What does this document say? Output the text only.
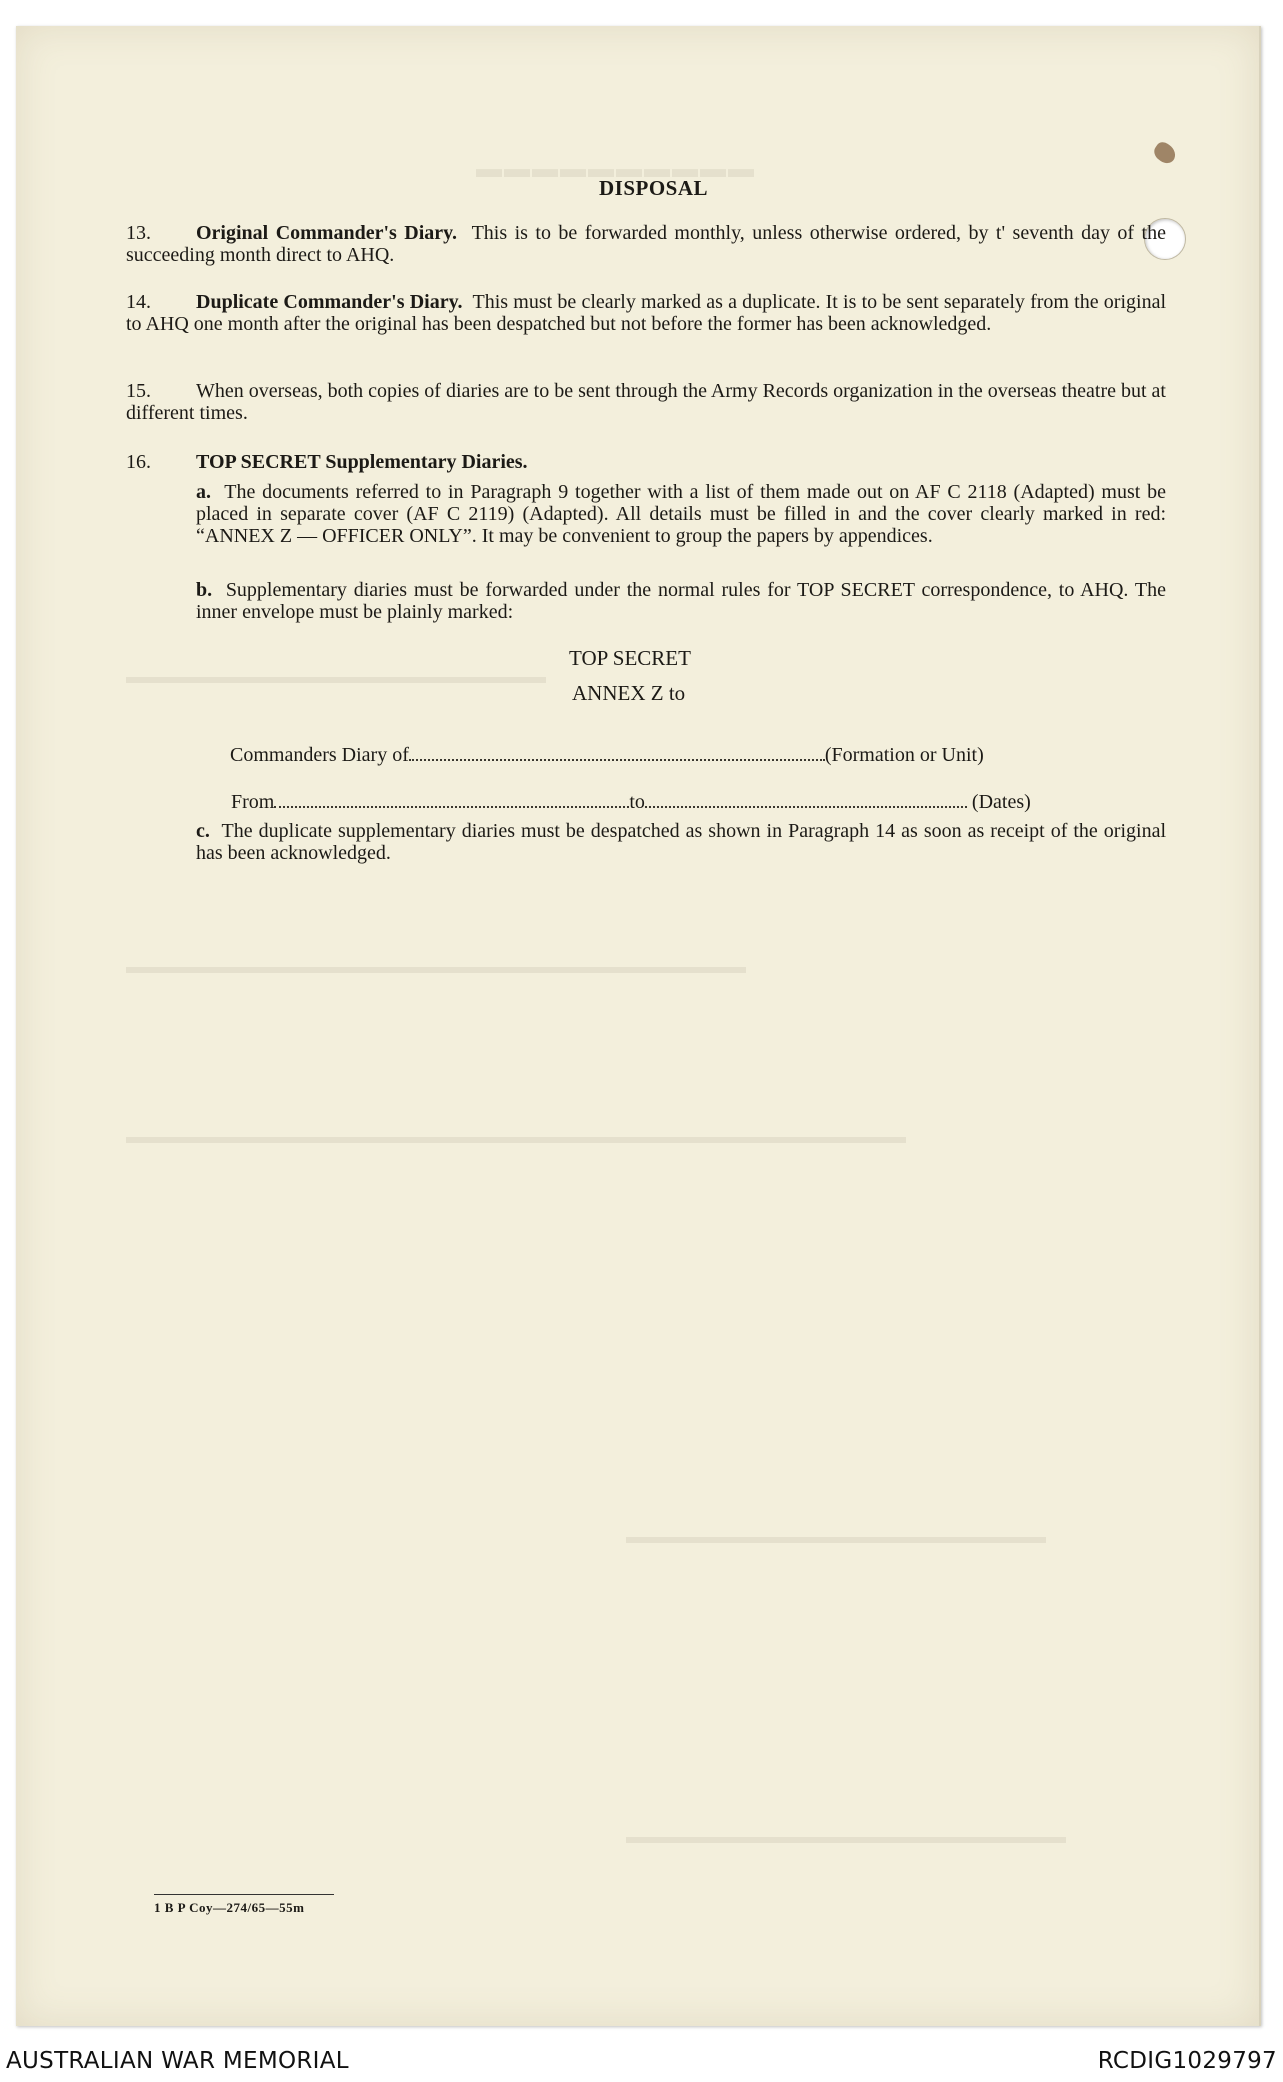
▬▬▬▬▬▬▬▬▬▬
▬▬▬▬▬▬▬▬▬▬▬▬▬▬▬▬▬▬▬▬▬
▬▬▬▬▬▬▬▬▬▬▬▬▬▬▬▬▬▬▬▬▬▬▬▬▬▬▬▬▬▬▬
▬▬▬▬▬▬▬▬▬▬▬▬▬▬▬▬▬▬▬▬▬▬▬▬▬▬▬▬▬▬▬▬▬▬▬▬▬▬▬
▬▬▬▬▬▬▬▬▬▬▬▬▬▬▬▬▬▬▬▬▬
▬▬▬▬▬▬▬▬▬▬▬▬▬▬▬▬▬▬▬▬▬▬
DISPOSAL
13. Original Commander's Diary. This is to be forwarded monthly, unless otherwise ordered, by t' seventh day of the succeeding month direct to AHQ.
14. Duplicate Commander's Diary. This must be clearly marked as a duplicate. It is to be sent separately from the original to AHQ one month after the original has been despatched but not before the former has been acknowledged.
15. When overseas, both copies of diaries are to be sent through the Army Records organization in the overseas theatre but at different times.
16. TOP SECRET Supplementary Diaries.
a. The documents referred to in Paragraph 9 together with a list of them made out on AF C 2118 (Adapted) must be placed in separate cover (AF C 2119) (Adapted). All details must be filled in and the cover clearly marked in red: “ANNEX Z — OFFICER ONLY”. It may be convenient to group the papers by appendices.
b. Supplementary diaries must be forwarded under the normal rules for TOP SECRET correspondence, to AHQ. The inner envelope must be plainly marked:
TOP SECRET
ANNEX Z to
Commanders Diary of	(Formation or Unit)
From	to	(Dates)
c. The duplicate supplementary diaries must be despatched as shown in Paragraph 14 as soon as receipt of the original has been acknowledged.
1 B P Coy—274/65—55m
AUSTRALIAN WAR MEMORIAL	RCDIG1029797
